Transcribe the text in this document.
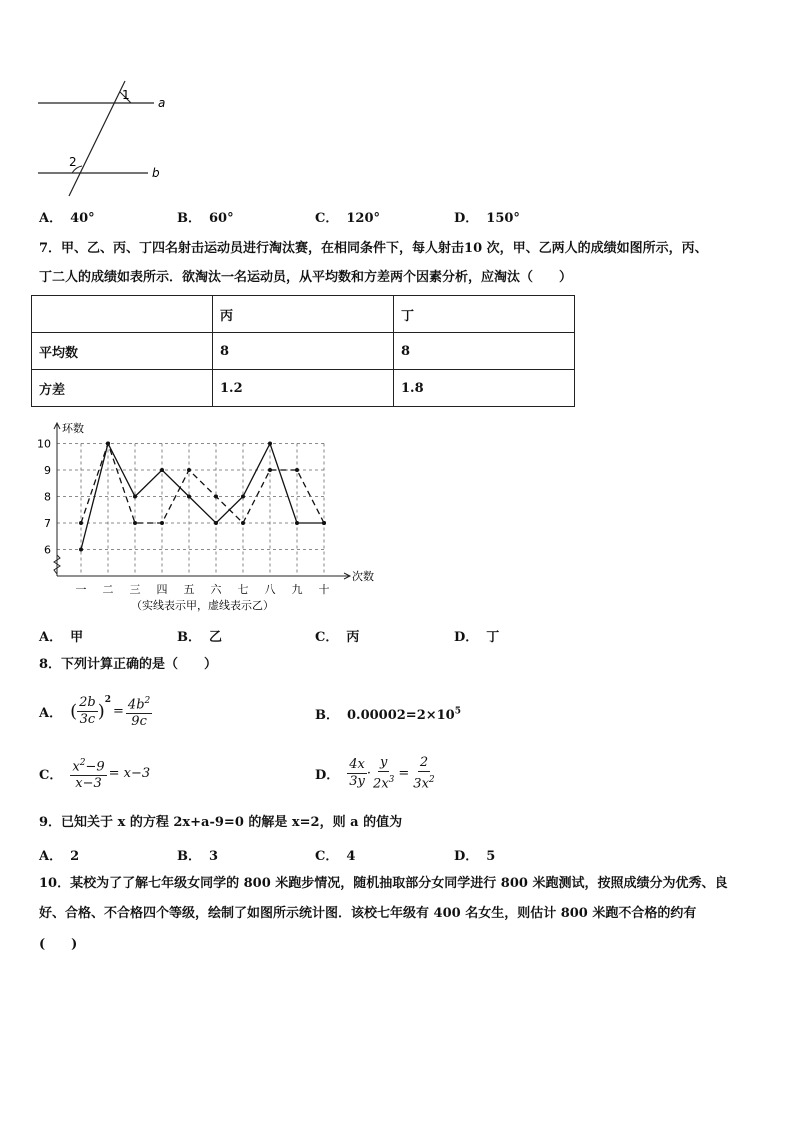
1
2
a
b
A． 40°	B． 60°	C． 120°	D． 150°
7．甲、乙、丙、丁四名射击运动员进行淘汰赛，在相同条件下，每人射击10 次，甲、乙两人的成绩如图所示，丙、
丁二人的成绩如表所示．欲淘汰一名运动员，从平均数和方差两个因素分析，应淘汰（　　）
	丙	丁
平均数	8	8
方差	1.2	1.8
6
7
8
9
10
一 二 三 四 五 六 七 八 九 十
环数
次数
（实线表示甲，虚线表示乙）
A． 甲	B． 乙	C． 丙	D． 丁
8．下列计算正确的是（　　）
A． ( $\frac{2b}{3c} )^2= \frac{4b^2}{9c}$	B． $0.00002=2\times 10^5$
C． $\frac{x^2-9}{x-3} = x-3$	D． $\frac{4x}{3y} \cdot \frac{y}{2x^3} = \frac{2}{3x^2}$
9．已知关于 x 的方程 2x+a-9=0 的解是 x=2，则 a 的值为
A． 2	B． 3	C． 4	D． 5
10．某校为了了解七年级女同学的 800 米跑步情况，随机抽取部分女同学进行 800 米跑测试，按照成绩分为优秀、良
好、合格、不合格四个等级，绘制了如图所示统计图．该校七年级有 400 名女生，则估计 800 米跑不合格的约有
(　　)
